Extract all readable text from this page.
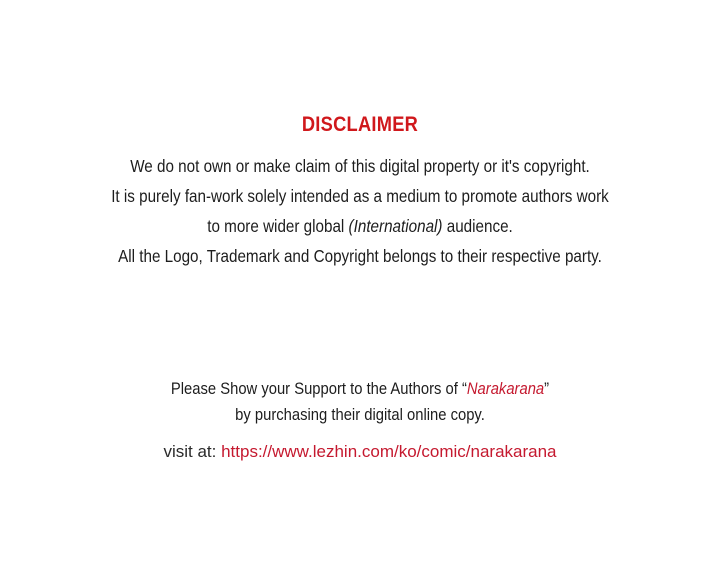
DISCLAIMER

We do not own or make claim of this digital property or it's copyright.

It is purely fan-work solely intended as a medium to promote authors work

to more wider global (International) audience.

All the Logo, Trademark and Copyright belongs to their respective party.

Please Show your Support to the Authors of “Narakarana”

by purchasing their digital online copy.

visit at: https://www.lezhin.com/ko/comic/narakarana
